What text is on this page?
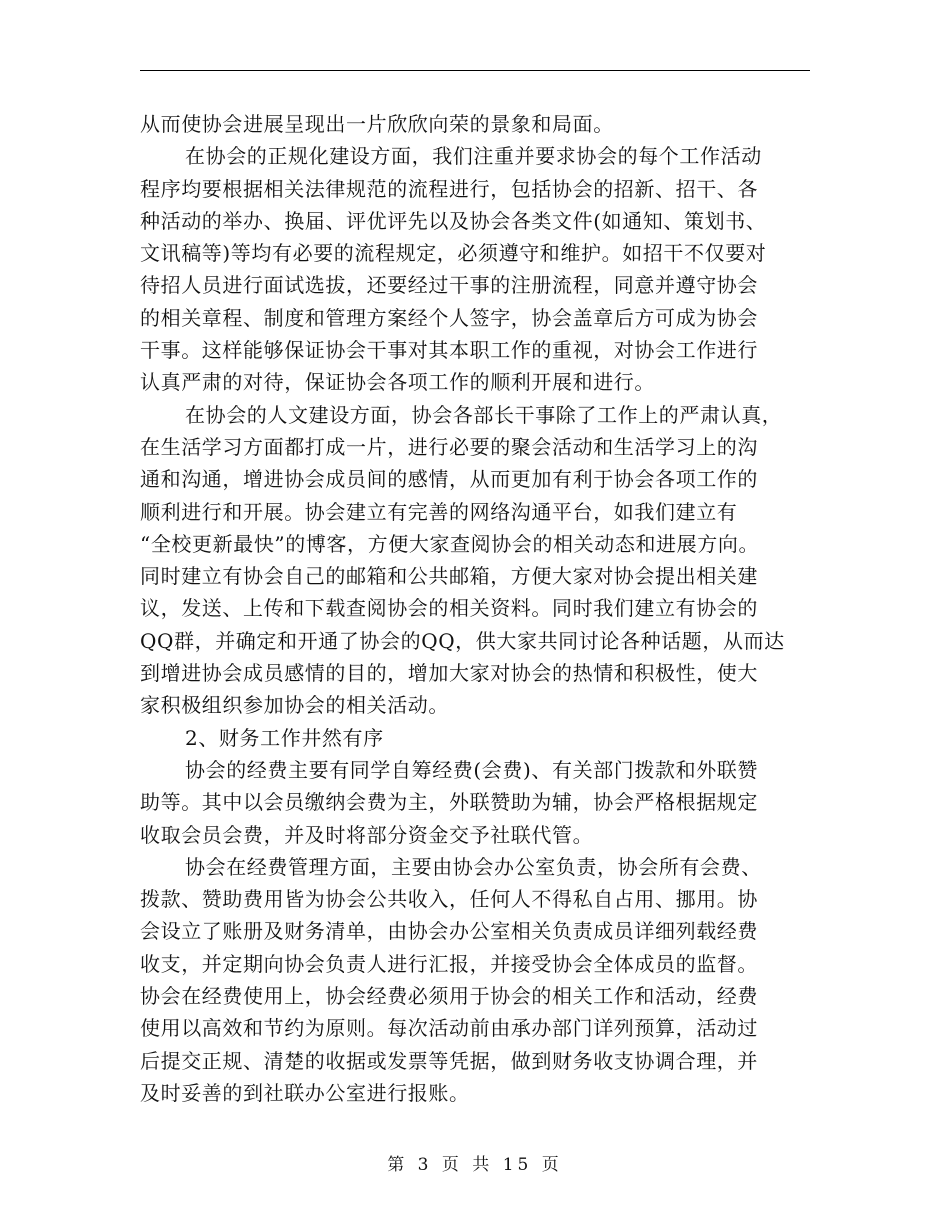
从而使协会进展呈现出一片欣欣向荣的景象和局面。
在协会的正规化建设方面，我们注重并要求协会的每个工作活动
程序均要根据相关法律规范的流程进行，包括协会的招新、招干、各
种活动的举办、换届、评优评先以及协会各类文件(如通知、策划书、
文讯稿等)等均有必要的流程规定，必须遵守和维护。如招干不仅要对
待招人员进行面试选拔，还要经过干事的注册流程，同意并遵守协会
的相关章程、制度和管理方案经个人签字，协会盖章后方可成为协会
干事。这样能够保证协会干事对其本职工作的重视，对协会工作进行
认真严肃的对待，保证协会各项工作的顺利开展和进行。
在协会的人文建设方面，协会各部长干事除了工作上的严肃认真，
在生活学习方面都打成一片，进行必要的聚会活动和生活学习上的沟
通和沟通，增进协会成员间的感情，从而更加有利于协会各项工作的
顺利进行和开展。协会建立有完善的网络沟通平台，如我们建立有
“全校更新最快”的博客，方便大家查阅协会的相关动态和进展方向。
同时建立有协会自己的邮箱和公共邮箱，方便大家对协会提出相关建
议，发送、上传和下载查阅协会的相关资料。同时我们建立有协会的
QQ群，并确定和开通了协会的QQ，供大家共同讨论各种话题，从而达
到增进协会成员感情的目的，增加大家对协会的热情和积极性，使大
家积极组织参加协会的相关活动。
2、财务工作井然有序
协会的经费主要有同学自筹经费(会费)、有关部门拨款和外联赞
助等。其中以会员缴纳会费为主，外联赞助为辅，协会严格根据规定
收取会员会费，并及时将部分资金交予社联代管。
协会在经费管理方面，主要由协会办公室负责，协会所有会费、
拨款、赞助费用皆为协会公共收入，任何人不得私自占用、挪用。协
会设立了账册及财务清单，由协会办公室相关负责成员详细列载经费
收支，并定期向协会负责人进行汇报，并接受协会全体成员的监督。
协会在经费使用上，协会经费必须用于协会的相关工作和活动，经费
使用以高效和节约为原则。每次活动前由承办部门详列预算，活动过
后提交正规、清楚的收据或发票等凭据，做到财务收支协调合理，并
及时妥善的到社联办公室进行报账。
第 3 页 共 15 页
